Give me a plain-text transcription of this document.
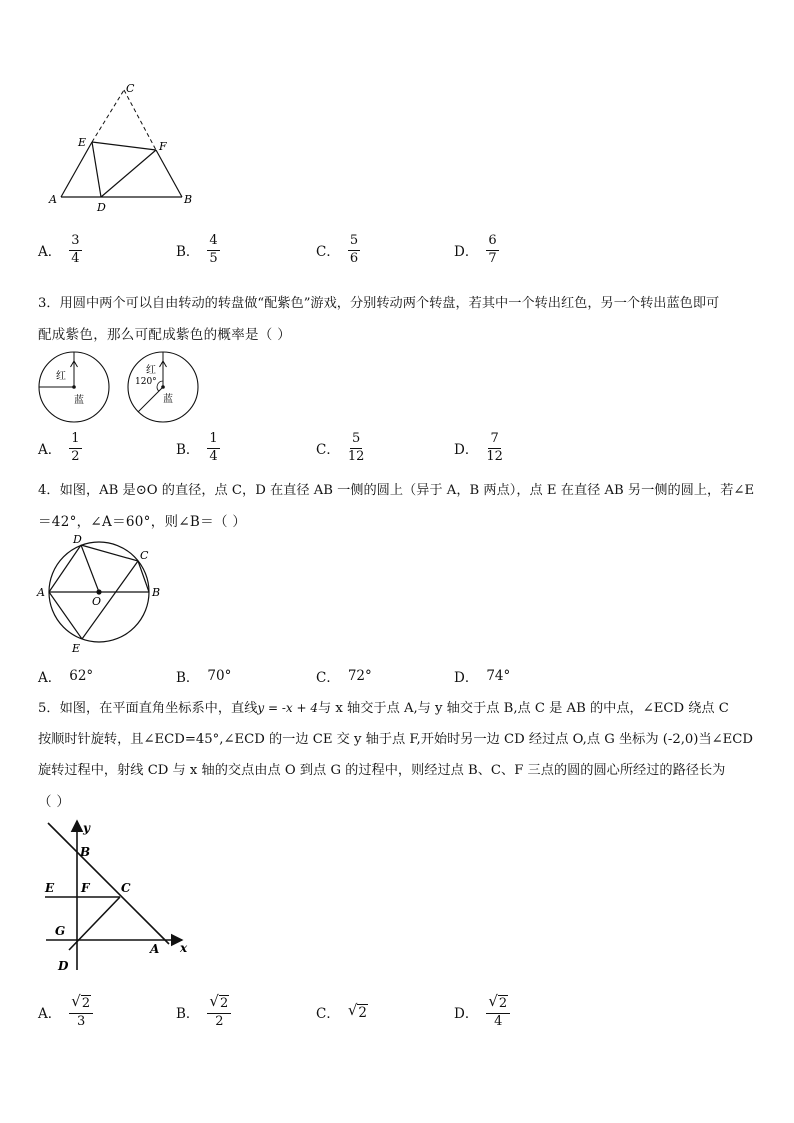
C
E	F
A
D
B
A． $\frac{3}{4}$	B． $\frac{4}{5}$	C． $\frac{5}{6}$	D． $\frac{6}{7}$
3．用圆中两个可以自由转动的转盘做“配紫色”游戏，分别转动两个转盘，若其中一个转出红色，另一个转出蓝色即可
配成紫色，那么可配成紫色的概率是（ ）
红
蓝
红
120°
蓝
A． $\frac{1}{2}$	B． $\frac{1}{4}$	C． $\frac{5}{12}$	D． $\frac{7}{12}$
4．如图，AB 是⊙O 的直径，点 C，D 在直径 AB 一侧的圆上（异于 A，B 两点），点 E 在直径 AB 另一侧的圆上，若∠E
＝42°，∠A＝60°，则∠B＝（ ）
A	B
C
D
E
O
A． 62°	B． 70°	C． 72°	D． 74°
5．如图，在平面直角坐标系中，直线y = -x + 4与 x 轴交于点 A,与 y 轴交于点 B,点 C 是 AB 的中点，∠ECD 绕点 C
按顺时针旋转，且∠ECD=45°,∠ECD 的一边 CE 交 y 轴于点 F,开始时另一边 CD 经过点 O,点 G 坐标为 (-2,0)当∠ECD
旋转过程中，射线 CD 与 x 轴的交点由点 O 到点 G 的过程中，则经过点 B、C、F 三点的圆的圆心所经过的路径长为
（ ）
y
B
E F	C
G
A x
D
A． $\frac{√ 2}{3}$	B． $\frac{√ 2}{2}$	C． √ 2	D． $\frac{√ 2}{4}$
